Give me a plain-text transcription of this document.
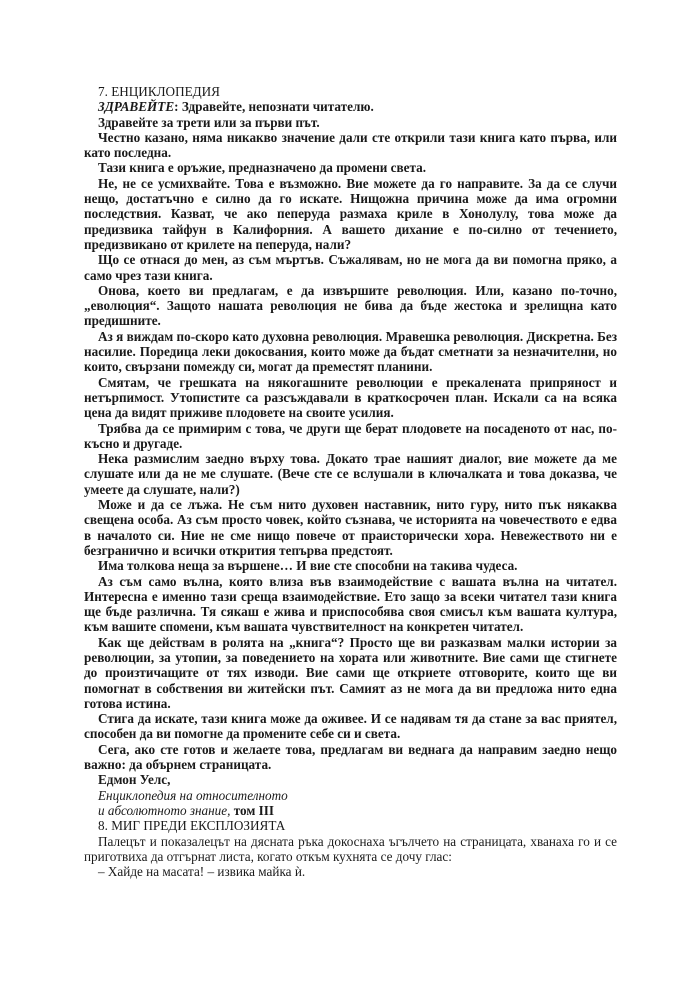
7. ЕНЦИКЛОПЕДИЯ

ЗДРАВЕЙТЕ: Здравейте, непознати читателю.

Здравейте за трети или за първи път.

Честно казано, няма никакво значение дали сте открили тази книга като първа, или като последна.

Тази книга е оръжие, предназначено да промени света.

Не, не се усмихвайте. Това е възможно. Вие можете да го направите. За да се случи нещо, достатъчно е силно да го искате. Нищожна причина може да има огромни последствия. Казват, че ако пеперуда размаха криле в Хонолулу, това може да предизвика тайфун в Калифорния. А вашето дихание е по-силно от течението, предизвикано от крилете на пеперуда, нали?

Що се отнася до мен, аз съм мъртъв. Съжалявам, но не мога да ви помогна пряко, а само чрез тази книга.

Онова, което ви предлагам, е да извършите революция. Или, казано по-точно, „еволюция“. Защото нашата революция не бива да бъде жестока и зрелищна като предишните.

Аз я виждам по-скоро като духовна революция. Мравешка революция. Дискретна. Без насилие. Поредица леки докосвания, които може да бъдат сметнати за незначителни, но които, свързани помежду си, могат да преместят планини.

Смятам, че грешката на някогашните революции е прекалената припряност и нетърпимост. Утопистите са разсъждавали в краткосрочен план. Искали са на всяка цена да видят приживе плодовете на своите усилия.

Трябва да се примирим с това, че други ще берат плодовете на посаденото от нас, по-късно и другаде.

Нека размислим заедно върху това. Докато трае нашият диалог, вие можете да ме слушате или да не ме слушате. (Вече сте се вслушали в ключалката и това доказва, че умеете да слушате, нали?)

Може и да се лъжа. Не съм нито духовен наставник, нито гуру, нито пък някаква свещена особа. Аз съм просто човек, който съзнава, че историята на човечеството е едва в началото си. Ние не сме нищо повече от праисторически хора. Невежеството ни е безгранично и всички открития тепърва предстоят.

Има толкова неща за вършене… И вие сте способни на такива чудеса.

Аз съм само вълна, която влиза във взаимодействие с вашата вълна на читател. Интересна е именно тази среща взаимодействие. Ето защо за всеки читател тази книга ще бъде различна. Тя сякаш е жива и приспособява своя смисъл към вашата култура, към вашите спомени, към вашата чувствителност на конкретен читател.

Как ще действам в ролята на „книга“? Просто ще ви разказвам малки истории за революции, за утопии, за поведението на хората или животните. Вие сами ще стигнете до произтичащите от тях изводи. Вие сами ще откриете отговорите, които ще ви помогнат в собствения ви житейски път. Самият аз не мога да ви предложа нито една готова истина.

Стига да искате, тази книга може да оживее. И се надявам тя да стане за вас приятел, способен да ви помогне да промените себе си и света.

Сега, ако сте готов и желаете това, предлагам ви веднага да направим заедно нещо важно: да обърнем страницата.

Едмон Уелс,

Енциклопедия на относителното

и абсолютното знание, том III

8. МИГ ПРЕДИ ЕКСПЛОЗИЯТА

Палецът и показалецът на дясната ръка докоснаха ъгълчето на страницата, хванаха го и се приготвиха да отгърнат листа, когато откъм кухнята се дочу глас:

– Хайде на масата! – извика майка ѝ.
